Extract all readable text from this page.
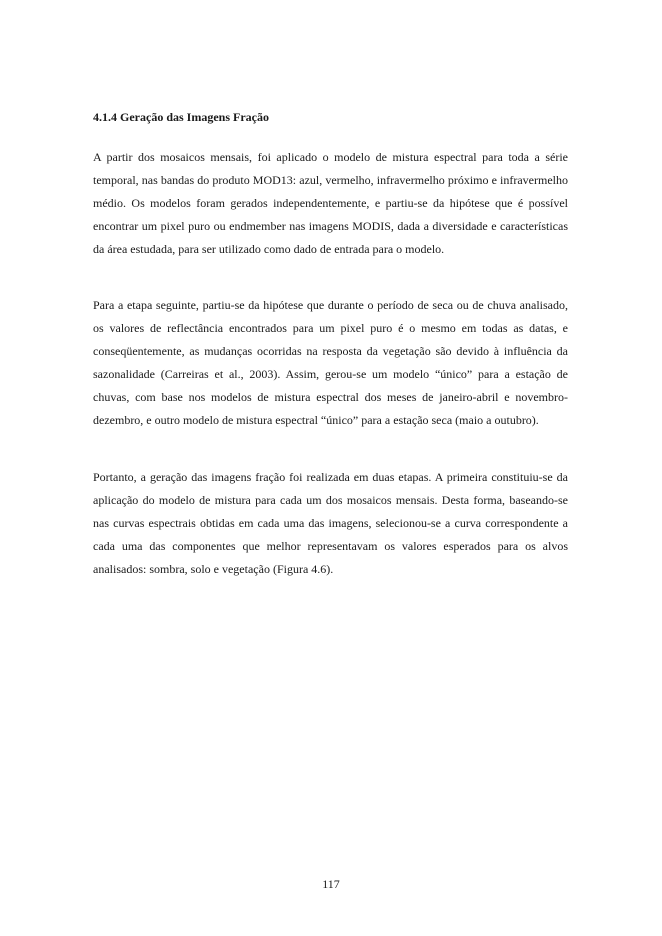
4.1.4 Geração das Imagens Fração

A partir dos mosaicos mensais, foi aplicado o modelo de mistura espectral para toda a série temporal, nas bandas do produto MOD13: azul, vermelho, infravermelho próximo e infravermelho médio. Os modelos foram gerados independentemente, e partiu-se da hipótese que é possível encontrar um pixel puro ou endmember nas imagens MODIS, dada a diversidade e características da área estudada, para ser utilizado como dado de entrada para o modelo.

Para a etapa seguinte, partiu-se da hipótese que durante o período de seca ou de chuva analisado, os valores de reflectância encontrados para um pixel puro é o mesmo em todas as datas, e conseqüentemente, as mudanças ocorridas na resposta da vegetação são devido à influência da sazonalidade (Carreiras et al., 2003). Assim, gerou-se um modelo “único” para a estação de chuvas, com base nos modelos de mistura espectral dos meses de janeiro-abril e novembro-dezembro, e outro modelo de mistura espectral “único” para a estação seca (maio a outubro).

Portanto, a geração das imagens fração foi realizada em duas etapas. A primeira constituiu-se da aplicação do modelo de mistura para cada um dos mosaicos mensais. Desta forma, baseando-se nas curvas espectrais obtidas em cada uma das imagens, selecionou-se a curva correspondente a cada uma das componentes que melhor representavam os valores esperados para os alvos analisados: sombra, solo e vegetação (Figura 4.6).

117
